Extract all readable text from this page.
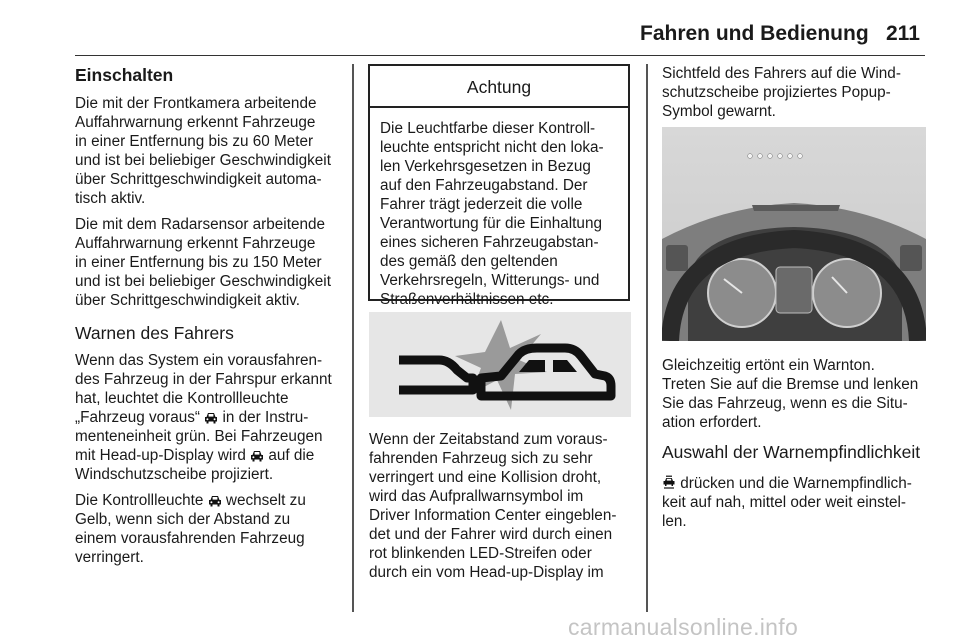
Fahren und Bedienung 211
Einschalten

Die mit der Frontkamera arbeitende
Auffahrwarnung erkennt Fahrzeuge
in einer Entfernung bis zu 60 Meter
und ist bei beliebiger Geschwindigkeit
über Schrittgeschwindigkeit automa-
tisch aktiv.

Die mit dem Radarsensor arbeitende
Auffahrwarnung erkennt Fahrzeuge
in einer Entfernung bis zu 150 Meter
und ist bei beliebiger Geschwindigkeit
über Schrittgeschwindigkeit aktiv.

Warnen des Fahrers

Wenn das System ein vorausfahren-
des Fahrzeug in der Fahrspur erkannt
hat, leuchtet die Kontrollleuchte
„Fahrzeug voraus“ in der Instru-
menteneinheit grün. Bei Fahrzeugen
mit Head-up-Display wird auf die
Windschutzscheibe projiziert.

Die Kontrollleuchte wechselt zu
Gelb, wenn sich der Abstand zu
einem vorausfahrenden Fahrzeug
verringert.

Achtung
Die Leuchtfarbe dieser Kontroll-
leuchte entspricht nicht den loka-
len Verkehrsgesetzen in Bezug
auf den Fahrzeugabstand. Der
Fahrer trägt jederzeit die volle
Verantwortung für die Einhaltung
eines sicheren Fahrzeugabstan-
des gemäß den geltenden
Verkehrsregeln, Witterungs- und
Straßenverhältnissen etc.

Wenn der Zeitabstand zum voraus-
fahrenden Fahrzeug sich zu sehr
verringert und eine Kollision droht,
wird das Aufprallwarnsymbol im
Driver Information Center eingeblen-
det und der Fahrer wird durch einen
rot blinkenden LED-Streifen oder
durch ein vom Head-up-Display im

Sichtfeld des Fahrers auf die Wind-
schutzscheibe projiziertes Popup-
Symbol gewarnt.

Gleichzeitig ertönt ein Warnton.
Treten Sie auf die Bremse und lenken
Sie das Fahrzeug, wenn es die Situ-
ation erfordert.

Auswahl der Warnempfindlichkeit

drücken und die Warnempfindlich-
keit auf nah, mittel oder weit einstel-
len.

carmanualsonline.info
